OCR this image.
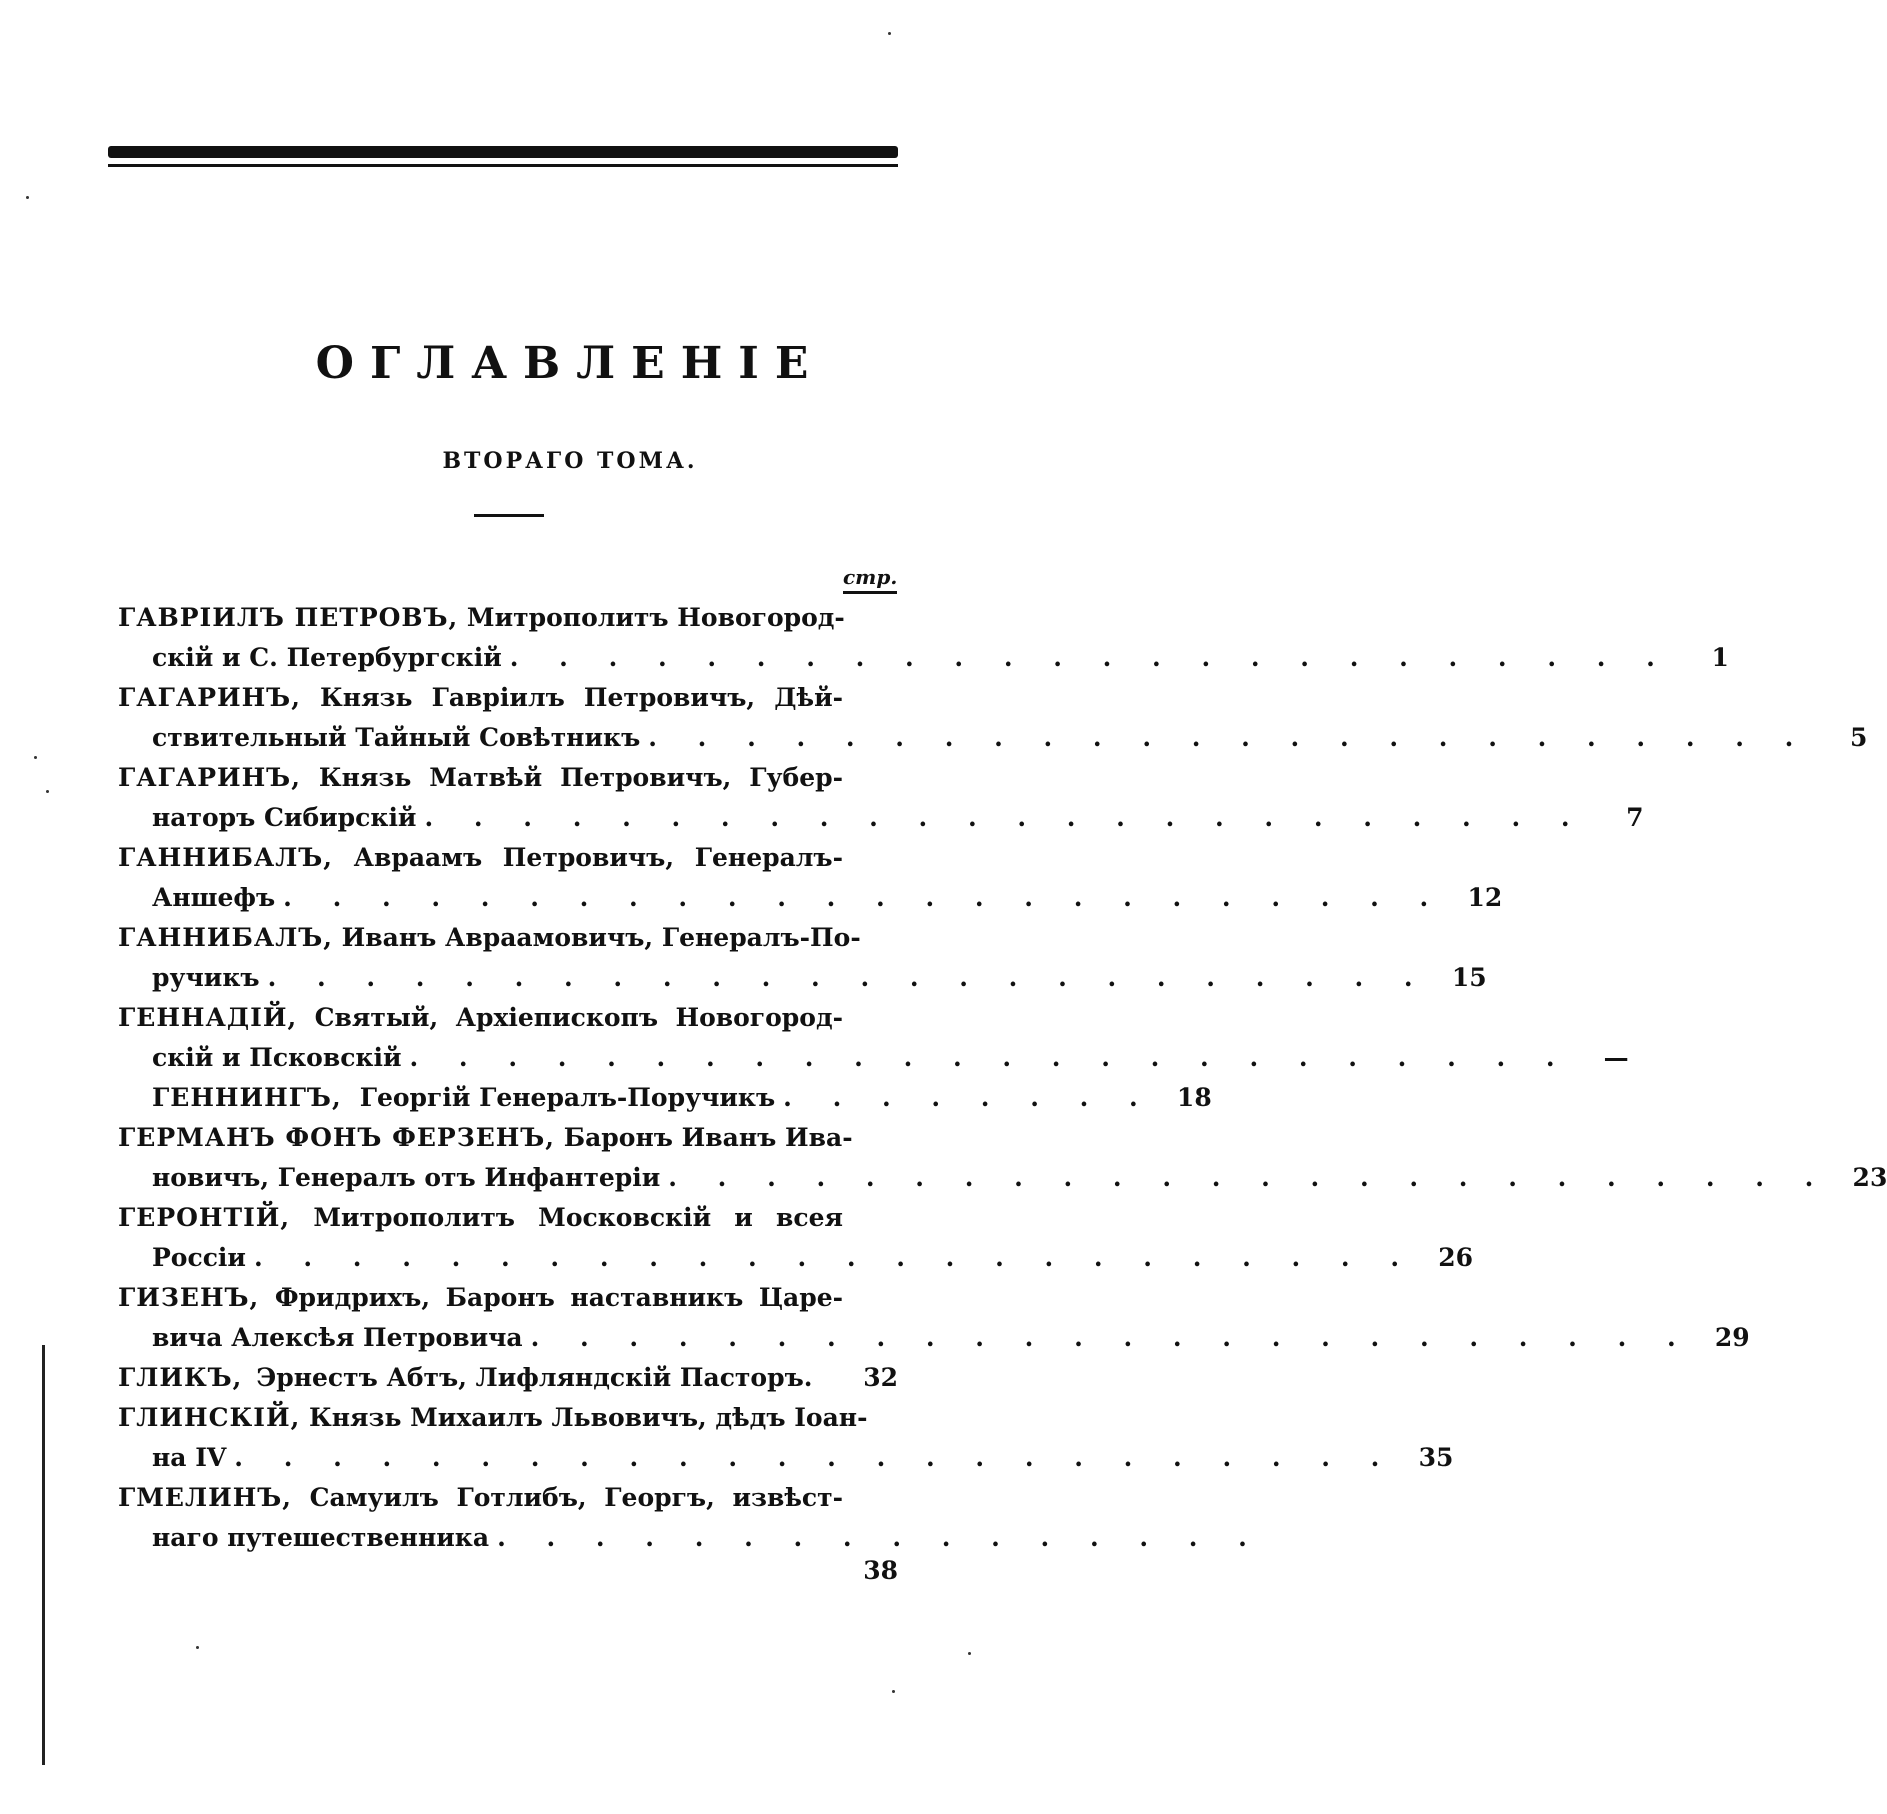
ОГЛАВЛЕНІЕ
ВТОРАГО ТОМА.
стр.
ГАВРІИЛЪ ПЕТРОВЪ, Митрополитъ Новогород-
скій и С. Петербургскій . . . . . . . . . . . . . . . . . . . . . . . .	1
ГАГАРИНЪ, Князь Гавріилъ Петровичъ, Дѣй-
ствительный Тайный Совѣтникъ . . . . . . . . . . . . . . . . . . . . . . . .	5
ГАГАРИНЪ, Князь Матвѣй Петровичъ, Губер-
наторъ Сибирскій . . . . . . . . . . . . . . . . . . . . . . . .	7
ГАННИБАЛЪ, Авраамъ Петровичъ, Генералъ-
Аншефъ . . . . . . . . . . . . . . . . . . . . . . . . 12
ГАННИБАЛЪ, Иванъ Авраамовичъ, Генералъ-По-
ручикъ . . . . . . . . . . . . . . . . . . . . . . . . 15
ГЕННАДІЙ, Святый, Архіепископъ Новогород-
скій и Псковскій . . . . . . . . . . . . . . . . . . . . . . . .	—
ГЕННИНГЪ, Георгій Генералъ-Поручикъ . . . . . . . . 18
ГЕРМАНЪ ФОНЪ ФЕРЗЕНЪ, Баронъ Иванъ Ива-
новичъ, Генералъ отъ Инфантеріи . . . . . . . . . . . . . . . . . . . . . . . . 23
ГЕРОНТІЙ, Митрополитъ Московскій и всея
Россіи . . . . . . . . . . . . . . . . . . . . . . . . 26
ГИЗЕНЪ, Фридрихъ, Баронъ наставникъ Царе-
вича Алексѣя Петровича . . . . . . . . . . . . . . . . . . . . . . . . 29
ГЛИКЪ, Эрнестъ Абтъ, Лифляндскій Пасторъ.	32
ГЛИНСКІЙ, Князь Михаилъ Львовичъ, дѣдъ Іоан-
на IV . . . . . . . . . . . . . . . . . . . . . . . . 35
ГМЕЛИНЪ, Самуилъ Готлибъ, Георгъ, извѣст-
наго путешественника . . . . . . . . . . . . . . . .
38
